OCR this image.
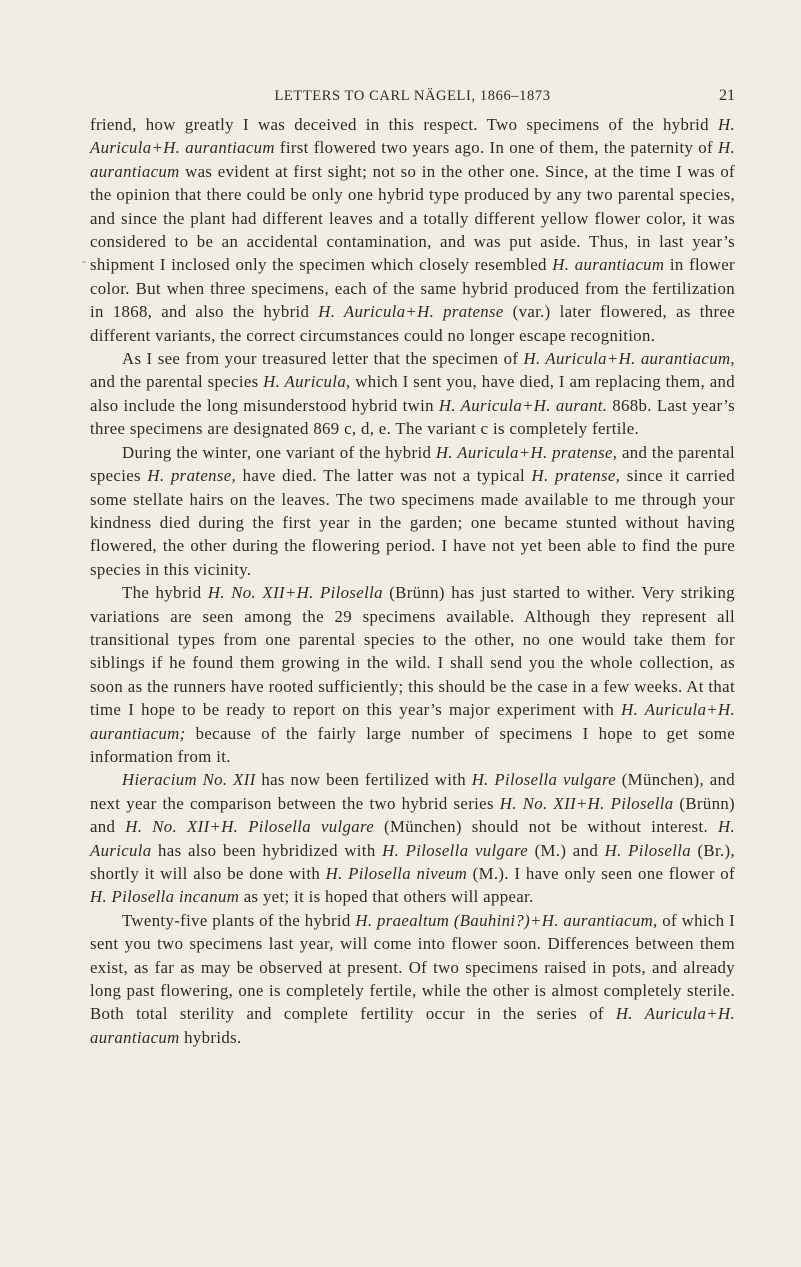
LETTERS TO CARL NÄGELI, 1866–1873	21

friend, how greatly I was deceived in this respect. Two specimens of the hybrid H. Auricula+H. aurantiacum first flowered two years ago. In one of them, the paternity of H. aurantiacum was evident at first sight; not so in the other one. Since, at the time I was of the opinion that there could be only one hybrid type produced by any two parental species, and since the plant had different leaves and a totally different yellow flower color, it was considered to be an accidental contamination, and was put aside. Thus, in last year’s shipment I inclosed only the specimen which closely resembled H. aurantiacum in flower color. But when three specimens, each of the same hybrid produced from the fertilization in 1868, and also the hybrid H. Auricula+H. pratense (var.) later flowered, as three different variants, the correct circumstances could no longer escape recognition.

As I see from your treasured letter that the specimen of H. Auricula+H. aurantiacum, and the parental species H. Auricula, which I sent you, have died, I am replacing them, and also include the long misunderstood hybrid twin H. Auricula+H. aurant. 868b. Last year’s three specimens are designated 869 c, d, e. The variant c is completely fertile.

During the winter, one variant of the hybrid H. Auricula+H. pratense, and the parental species H. pratense, have died. The latter was not a typical H. pratense, since it carried some stellate hairs on the leaves. The two specimens made available to me through your kindness died during the first year in the garden; one became stunted without having flowered, the other during the flowering period. I have not yet been able to find the pure species in this vicinity.

The hybrid H. No. XII+H. Pilosella (Brünn) has just started to wither. Very striking variations are seen among the 29 specimens available. Although they represent all transitional types from one parental species to the other, no one would take them for siblings if he found them growing in the wild. I shall send you the whole collection, as soon as the runners have rooted sufficiently; this should be the case in a few weeks. At that time I hope to be ready to report on this year’s major experiment with H. Auricula+H. aurantiacum; because of the fairly large number of specimens I hope to get some information from it.

Hieracium No. XII has now been fertilized with H. Pilosella vulgare (München), and next year the comparison between the two hybrid series H. No. XII+H. Pilosella (Brünn) and H. No. XII+H. Pilosella vulgare (München) should not be without interest. H. Auricula has also been hybridized with H. Pilosella vulgare (M.) and H. Pilosella (Br.), shortly it will also be done with H. Pilosella niveum (M.). I have only seen one flower of H. Pilosella incanum as yet; it is hoped that others will appear.

Twenty-five plants of the hybrid H. praealtum (Bauhini?)+H. aurantiacum, of which I sent you two specimens last year, will come into flower soon. Differences between them exist, as far as may be observed at present. Of two specimens raised in pots, and already long past flowering, one is completely fertile, while the other is almost completely sterile. Both total sterility and complete fertility occur in the series of H. Auricula+H. aurantiacum hybrids.

-
